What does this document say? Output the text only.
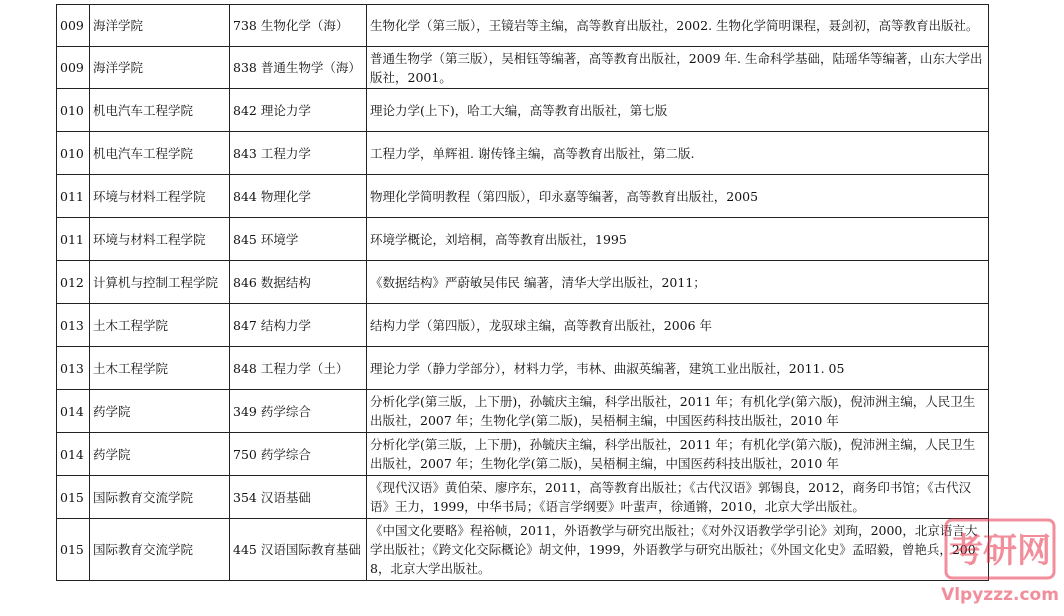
009	海洋学院	738 生物化学（海）	生物化学（第三版），王镜岩等主编，高等教育出版社，2002. 生物化学简明课程，聂剑初，高等教育出版社。
009	海洋学院	838 普通生物学（海）	普通生物学（第三版），吴相钰等编著，高等教育出版社，2009 年. 生命科学基础，陆瑶华等编著，山东大学出版社，2001。
010	机电汽车工程学院	842 理论力学	理论力学(上下)，哈工大编，高等教育出版社，第七版
010	机电汽车工程学院	843 工程力学	工程力学，单辉祖. 谢传锋主编，高等教育出版社，第二版.
011	环境与材料工程学院	844 物理化学	物理化学简明教程（第四版），印永嘉等编著，高等教育出版社，2005
011	环境与材料工程学院	845 环境学	环境学概论，刘培桐，高等教育出版社，1995
012	计算机与控制工程学院	846 数据结构	《数据结构》严蔚敏吴伟民 编著，清华大学出版社，2011；
013	土木工程学院	847 结构力学	结构力学（第四版），龙驭球主编，高等教育出版社，2006 年
013	土木工程学院	848 工程力学（土）	理论力学（静力学部分），材料力学，韦林、曲淑英编著，建筑工业出版社，2011. 05
014	药学院	349 药学综合	分析化学(第三版，上下册)，孙毓庆主编，科学出版社，2011 年；有机化学(第六版)，倪沛洲主编，人民卫生出版社，2007 年；生物化学(第二版)，吴梧桐主编，中国医药科技出版社，2010 年
014	药学院	750 药学综合	分析化学(第三版，上下册)，孙毓庆主编，科学出版社，2011 年；有机化学(第六版)，倪沛洲主编，人民卫生出版社，2007 年；生物化学(第二版)，吴梧桐主编，中国医药科技出版社，2010 年
015	国际教育交流学院	354 汉语基础	《现代汉语》黄伯荣、廖序东，2011，高等教育出版社；《古代汉语》郭锡良，2012，商务印书馆；《古代汉语》王力，1999，中华书局；《语言学纲要》叶蜚声，徐通锵，2010，北京大学出版社。
015	国际教育交流学院	445 汉语国际教育基础	《中国文化要略》程裕帧，2011，外语教学与研究出版社；《对外汉语教学学引论》刘珣，2000，北京语言大学出版社；《跨文化交际概论》胡文仲，1999，外语教学与研究出版社；《外国文化史》孟昭毅，曾艳兵，2008，北京大学出版社。	考研网
Vlpyzzz.com
